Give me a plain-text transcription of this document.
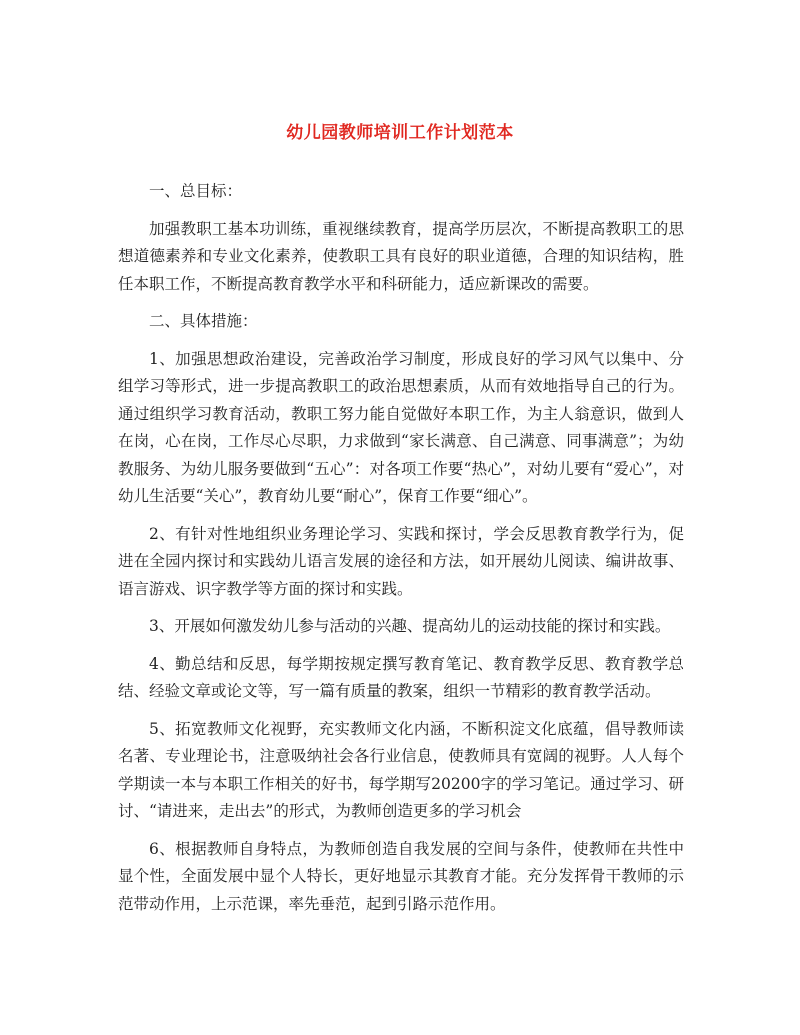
幼儿园教师培训工作计划范本

一、总目标：

加强教职工基本功训练，重视继续教育，提高学历层次，不断提高教职工的思想道德素养和专业文化素养，使教职工具有良好的职业道德，合理的知识结构，胜任本职工作，不断提高教育教学水平和科研能力，适应新课改的需要。

二、具体措施：

1、加强思想政治建设，完善政治学习制度，形成良好的学习风气以集中、分组学习等形式，进一步提高教职工的政治思想素质，从而有效地指导自己的行为。通过组织学习教育活动，教职工努力能自觉做好本职工作，为主人翁意识，做到人在岗，心在岗，工作尽心尽职，力求做到“家长满意、自己满意、同事满意”；为幼教服务、为幼儿服务要做到“五心”：对各项工作要“热心”，对幼儿要有“爱心”，对幼儿生活要“关心”，教育幼儿要“耐心”，保育工作要“细心”。

2、有针对性地组织业务理论学习、实践和探讨，学会反思教育教学行为，促进在全园内探讨和实践幼儿语言发展的途径和方法，如开展幼儿阅读、编讲故事、语言游戏、识字教学等方面的探讨和实践。

3、开展如何激发幼儿参与活动的兴趣、提高幼儿的运动技能的探讨和实践。

4、勤总结和反思，每学期按规定撰写教育笔记、教育教学反思、教育教学总结、经验文章或论文等，写一篇有质量的教案，组织一节精彩的教育教学活动。

5、拓宽教师文化视野，充实教师文化内涵，不断积淀文化底蕴，倡导教师读名著、专业理论书，注意吸纳社会各行业信息，使教师具有宽阔的视野。人人每个学期读一本与本职工作相关的好书，每学期写20200字的学习笔记。通过学习、研讨、“请进来，走出去”的形式，为教师创造更多的学习机会

6、根据教师自身特点，为教师创造自我发展的空间与条件，使教师在共性中显个性，全面发展中显个人特长，更好地显示其教育才能。充分发挥骨干教师的示范带动作用，上示范课，率先垂范，起到引路示范作用。
